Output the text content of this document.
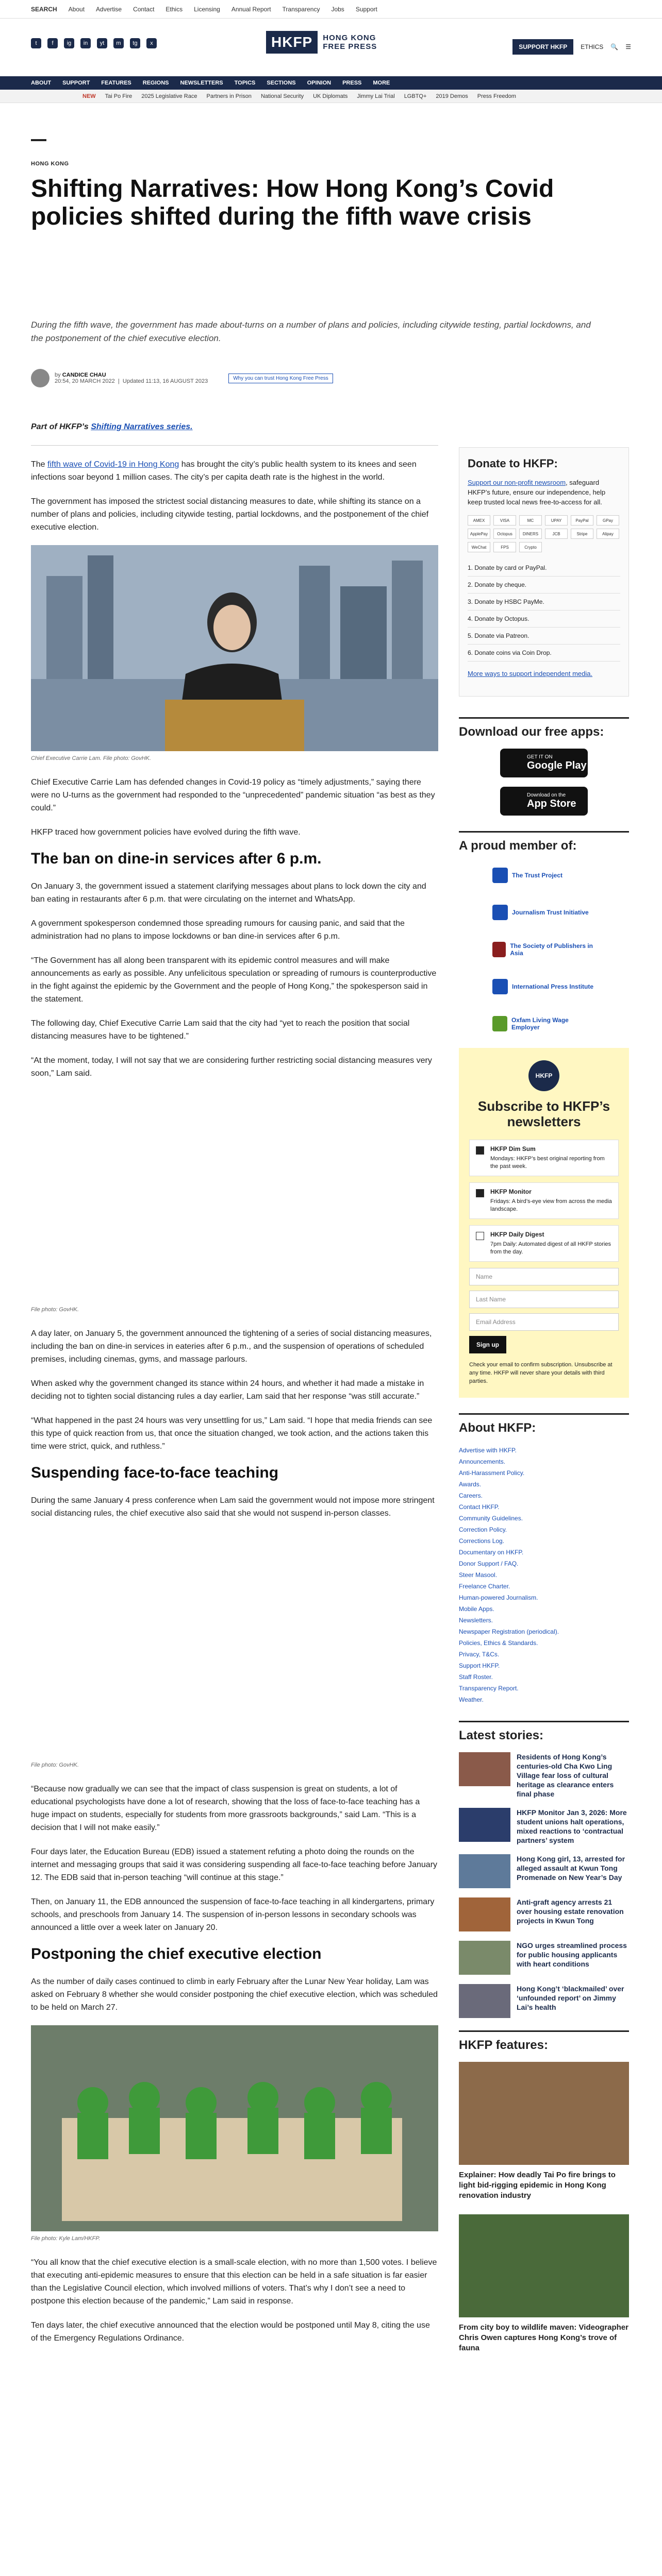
SEARCH About Advertise Contact Ethics Licensing Annual Report Transparency Jobs Support
t	f	ig	in	yt	m	tg	x	HKFP	HONG KONG
FREE PRESS	SUPPORT HKFP	ETHICS 🔍 ☰
ABOUT SUPPORT FEATURES REGIONS NEWSLETTERS TOPICS SECTIONS OPINION PRESS MORE
NEW Tai Po Fire 2025 Legislative Race Partners in Prison National Security UK Diplomats Jimmy Lai Trial LGBTQ+ 2019 Demos Press Freedom
HONG KONG
Shifting Narratives: How Hong Kong’s Covid policies shifted during the fifth wave crisis
During the fifth wave, the government has made about-turns on a number of plans and policies, including citywide testing, partial lockdowns, and the postponement of the chief executive election.
by CANDICE CHAU
20:54, 20 MARCH 2022  |  Updated 11:13, 16 AUGUST 2023	Why you can trust Hong Kong Free Press
Part of HKFP’s Shifting Narratives series.

The fifth wave of Covid-19 in Hong Kong has brought the city’s public health system to its knees and seen infections soar beyond 1 million cases. The city’s per capita death rate is the highest in the world.

The government has imposed the strictest social distancing measures to date, while shifting its stance on a number of plans and policies, including citywide testing, partial lockdowns, and the postponement of the chief executive election.

Chief Executive Carrie Lam. File photo: GovHK.

Chief Executive Carrie Lam has defended changes in Covid-19 policy as “timely adjustments,” saying there were no U-turns as the government had responded to the “unprecedented” pandemic situation “as best as they could.”

HKFP traced how government policies have evolved during the fifth wave.

The ban on dine-in services after 6 p.m.

On January 3, the government issued a statement clarifying messages about plans to lock down the city and ban eating in restaurants after 6 p.m. that were circulating on the internet and WhatsApp.

A government spokesperson condemned those spreading rumours for causing panic, and said that the administration had no plans to impose lockdowns or ban dine-in services after 6 p.m.

“The Government has all along been transparent with its epidemic control measures and will make announcements as early as possible. Any unfelicitous speculation or spreading of rumours is counterproductive in the fight against the epidemic by the Government and the people of Hong Kong,” the spokesperson said in the statement.

The following day, Chief Executive Carrie Lam said that the city had “yet to reach the position that social distancing measures have to be tightened.”

“At the moment, today, I will not say that we are considering further restricting social distancing measures very soon,” Lam said.

File photo: GovHK.

A day later, on January 5, the government announced the tightening of a series of social distancing measures, including the ban on dine-in services in eateries after 6 p.m., and the suspension of operations of scheduled premises, including cinemas, gyms, and massage parlours.

When asked why the government changed its stance within 24 hours, and whether it had made a mistake in deciding not to tighten social distancing rules a day earlier, Lam said that her response “was still accurate.”

“What happened in the past 24 hours was very unsettling for us,” Lam said. “I hope that media friends can see this type of quick reaction from us, that once the situation changed, we took action, and the actions taken this time were strict, quick, and ruthless.”

Suspending face-to-face teaching

During the same January 4 press conference when Lam said the government would not impose more stringent social distancing rules, the chief executive also said that she would not suspend in-person classes.

File photo: GovHK.

“Because now gradually we can see that the impact of class suspension is great on students, a lot of educational psychologists have done a lot of research, showing that the loss of face-to-face teaching has a huge impact on students, especially for students from more grassroots backgrounds,” said Lam. “This is a decision that I will not make easily.”

Four days later, the Education Bureau (EDB) issued a statement refuting a photo doing the rounds on the internet and messaging groups that said it was considering suspending all face-to-face teaching before January 12. The EDB said that in-person teaching “will continue at this stage.”

Then, on January 11, the EDB announced the suspension of face-to-face teaching in all kindergartens, primary schools, and preschools from January 14. The suspension of in-person lessons in secondary schools was announced a little over a week later on January 20.

Postponing the chief executive election

As the number of daily cases continued to climb in early February after the Lunar New Year holiday, Lam was asked on February 8 whether she would consider postponing the chief executive election, which was scheduled to be held on March 27.

File photo: Kyle Lam/HKFP.

“You all know that the chief executive election is a small-scale election, with no more than 1,500 votes. I believe that executing anti-epidemic measures to ensure that this election can be held in a safe situation is far easier than the Legislative Council election, which involved millions of voters. That’s why I don’t see a need to postpone this election because of the pandemic,” Lam said in response.

Ten days later, the chief executive announced that the election would be postponed until May 8, citing the use of the Emergency Regulations Ordinance.

Donate to HKFP:

Support our non-profit newsroom, safeguard HKFP’s future, ensure our independence, help keep trusted local news free-to-access for all.

AMEX	VISA	MC	UPAY	PayPal	GPay
ApplePay	Octopus	DINERS	JCB	Stripe	Alipay
WeChat	FPS	Crypto
1. Donate by card or PayPal.
2. Donate by cheque.
3. Donate by HSBC PayMe.
4. Donate by Octopus.
5. Donate via Patreon.
6. Donate coins via Coin Drop.

More ways to support independent media.

Download our free apps:
GET IT ON
Google Play
Download on the
App Store
A proud member of:
The Trust Project
Journalism Trust Initiative
The Society of Publishers in Asia
International Press Institute
Oxfam Living Wage Employer
HKFP
Subscribe to HKFP’s newsletters
HKFP Dim Sum
Mondays: HKFP’s best original reporting from the past week.
HKFP Monitor
Fridays: A bird’s-eye view from across the media landscape.
HKFP Daily Digest
7pm Daily: Automated digest of all HKFP stories from the day.
Name
Last Name
Email Address
Sign up
Check your email to confirm subscription. Unsubscribe at any time. HKFP will never share your details with third parties.
About HKFP:
Advertise with HKFP.
Announcements.
Anti-Harassment Policy.
Awards.
Careers.
Contact HKFP.
Community Guidelines.
Correction Policy.
Corrections Log.
Documentary on HKFP.
Donor Support / FAQ.
Steer Masool.
Freelance Charter.
Human-powered Journalism.
Mobile Apps.
Newsletters.
Newspaper Registration (periodical).
Policies, Ethics & Standards.
Privacy, T&Cs.
Support HKFP.
Staff Roster.
Transparency Report.
Weather.
Latest stories:
Residents of Hong Kong’s centuries-old Cha Kwo Ling Village fear loss of cultural heritage as clearance enters final phase
HKFP Monitor Jan 3, 2026: More student unions halt operations, mixed reactions to ‘contractual partners’ system
Hong Kong girl, 13, arrested for alleged assault at Kwun Tong Promenade on New Year’s Day
Anti-graft agency arrests 21 over housing estate renovation projects in Kwun Tong
NGO urges streamlined process for public housing applicants with heart conditions
Hong Kong’t ‘blackmailed’ over ‘unfounded report’ on Jimmy Lai’s health
HKFP features:
Explainer: How deadly Tai Po fire brings to light bid-rigging epidemic in Hong Kong renovation industry
From city boy to wildlife maven: Videographer Chris Owen captures Hong Kong’s trove of fauna
